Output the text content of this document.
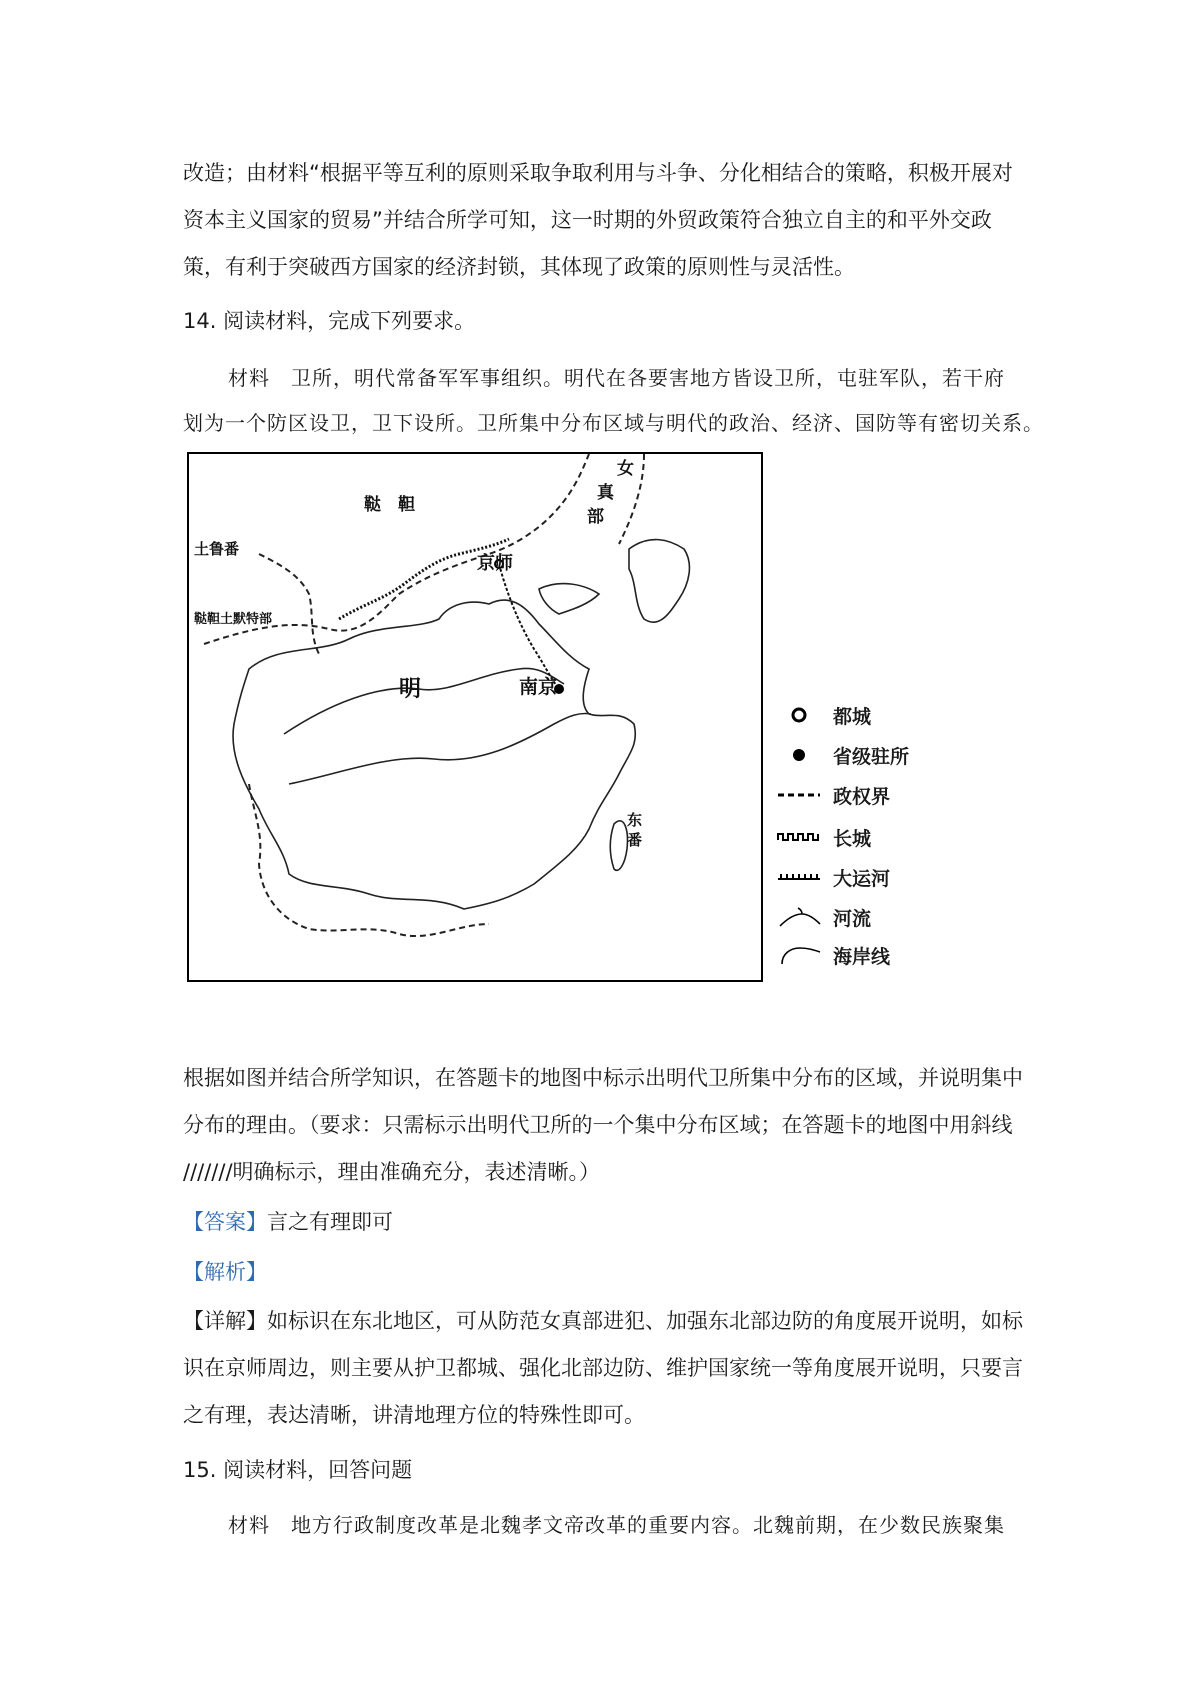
改造；由材料“根据平等互利的原则采取争取利用与斗争、分化相结合的策略，积极开展对
资本主义国家的贸易”并结合所学可知，这一时期的外贸政策符合独立自主的和平外交政
策，有利于突破西方国家的经济封锁，其体现了政策的原则性与灵活性。
14. 阅读材料，完成下列要求。
材料　卫所，明代常备军军事组织。明代在各要害地方皆设卫所，屯驻军队，若干府
划为一个防区设卫，卫下设所。卫所集中分布区域与明代的政治、经济、国防等有密切关系。
鞑　靼
土鲁番
鞑靼土默特部
京师
明	南京
女
真
部
东
番
都城
省级驻所
政权界
长城
大运河
河流
海岸线
根据如图并结合所学知识，在答题卡的地图中标示出明代卫所集中分布的区域，并说明集中
分布的理由。（要求：只需标示出明代卫所的一个集中分布区域；在答题卡的地图中用斜线
///////明确标示，理由准确充分，表述清晰。）
【答案】言之有理即可
【解析】
【详解】如标识在东北地区，可从防范女真部进犯、加强东北部边防的角度展开说明，如标
识在京师周边，则主要从护卫都城、强化北部边防、维护国家统一等角度展开说明，只要言
之有理，表达清晰，讲清地理方位的特殊性即可。
15. 阅读材料，回答问题
材料　地方行政制度改革是北魏孝文帝改革的重要内容。北魏前期，在少数民族聚集
